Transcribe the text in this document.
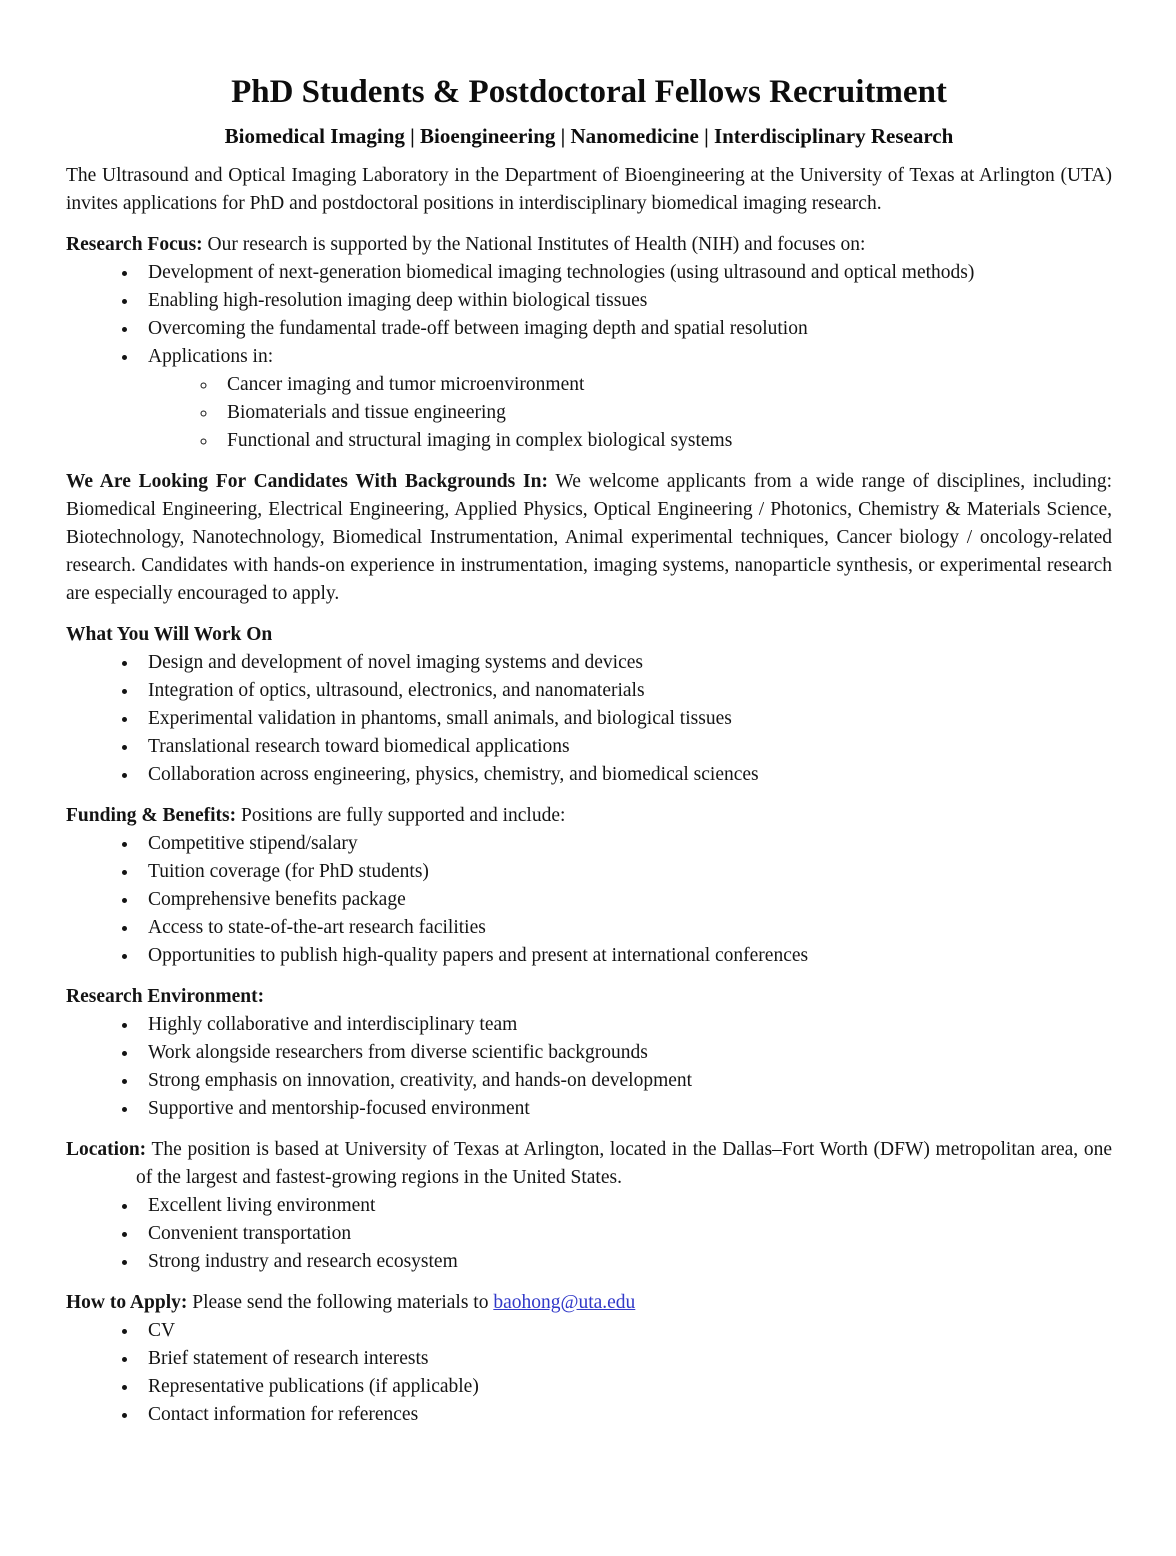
PhD Students & Postdoctoral Fellows Recruitment
Biomedical Imaging | Bioengineering | Nanomedicine | Interdisciplinary Research

The Ultrasound and Optical Imaging Laboratory in the Department of Bioengineering at the University of Texas at Arlington (UTA) invites applications for PhD and postdoctoral positions in interdisciplinary biomedical imaging research.

Research Focus: Our research is supported by the National Institutes of Health (NIH) and focuses on:

• Development of next-generation biomedical imaging technologies (using ultrasound and optical methods)
• Enabling high-resolution imaging deep within biological tissues
• Overcoming the fundamental trade-off between imaging depth and spatial resolution
• Applications in:
◦ Cancer imaging and tumor microenvironment
◦ Biomaterials and tissue engineering
◦ Functional and structural imaging in complex biological systems

We Are Looking For Candidates With Backgrounds In: We welcome applicants from a wide range of disciplines, including: Biomedical Engineering, Electrical Engineering, Applied Physics, Optical Engineering / Photonics, Chemistry & Materials Science, Biotechnology, Nanotechnology, Biomedical Instrumentation, Animal experimental techniques, Cancer biology / oncology-related research. Candidates with hands-on experience in instrumentation, imaging systems, nanoparticle synthesis, or experimental research are especially encouraged to apply.

What You Will Work On

• Design and development of novel imaging systems and devices
• Integration of optics, ultrasound, electronics, and nanomaterials
• Experimental validation in phantoms, small animals, and biological tissues
• Translational research toward biomedical applications
• Collaboration across engineering, physics, chemistry, and biomedical sciences

Funding & Benefits: Positions are fully supported and include:

• Competitive stipend/salary
• Tuition coverage (for PhD students)
• Comprehensive benefits package
• Access to state-of-the-art research facilities
• Opportunities to publish high-quality papers and present at international conferences

Research Environment:

• Highly collaborative and interdisciplinary team
• Work alongside researchers from diverse scientific backgrounds
• Strong emphasis on innovation, creativity, and hands-on development
• Supportive and mentorship-focused environment

Location: The position is based at University of Texas at Arlington, located in the Dallas–Fort Worth (DFW) metropolitan area, one of the largest and fastest-growing regions in the United States.

• Excellent living environment
• Convenient transportation
• Strong industry and research ecosystem

How to Apply: Please send the following materials to baohong@uta.edu

• CV
• Brief statement of research interests
• Representative publications (if applicable)
• Contact information for references
